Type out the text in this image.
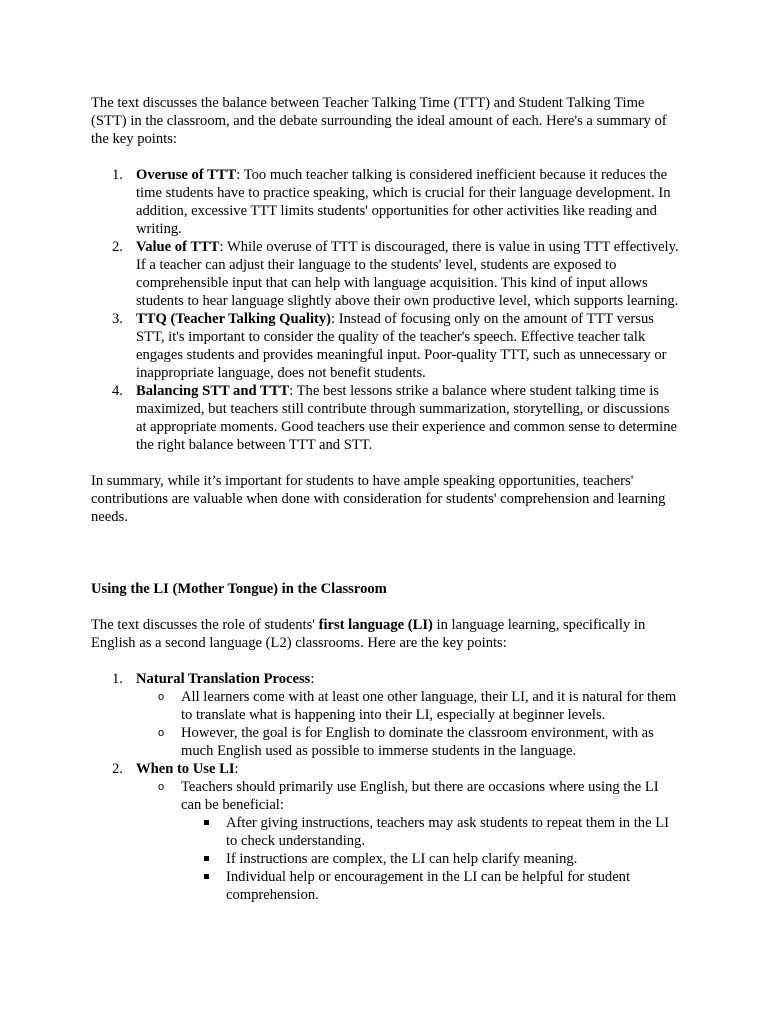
The text discusses the balance between Teacher Talking Time (TTT) and Student Talking Time (STT) in the classroom, and the debate surrounding the ideal amount of each. Here's a summary of the key points:

1. Overuse of TTT: Too much teacher talking is considered inefficient because it reduces the time students have to practice speaking, which is crucial for their language development. In addition, excessive TTT limits students' opportunities for other activities like reading and writing.
2. Value of TTT: While overuse of TTT is discouraged, there is value in using TTT effectively. If a teacher can adjust their language to the students' level, students are exposed to comprehensible input that can help with language acquisition. This kind of input allows students to hear language slightly above their own productive level, which supports learning.
3. TTQ (Teacher Talking Quality): Instead of focusing only on the amount of TTT versus STT, it's important to consider the quality of the teacher's speech. Effective teacher talk engages students and provides meaningful input. Poor-quality TTT, such as unnecessary or inappropriate language, does not benefit students.
4. Balancing STT and TTT: The best lessons strike a balance where student talking time is maximized, but teachers still contribute through summarization, storytelling, or discussions at appropriate moments. Good teachers use their experience and common sense to determine the right balance between TTT and STT.

In summary, while it’s important for students to have ample speaking opportunities, teachers' contributions are valuable when done with consideration for students' comprehension and learning needs.

Using the LI (Mother Tongue) in the Classroom

The text discusses the role of students' first language (LI) in language learning, specifically in English as a second language (L2) classrooms. Here are the key points:

1. Natural Translation Process:
o All learners come with at least one other language, their LI, and it is natural for them to translate what is happening into their LI, especially at beginner levels.
o However, the goal is for English to dominate the classroom environment, with as much English used as possible to immerse students in the language.
2. When to Use LI:
o Teachers should primarily use English, but there are occasions where using the LI can be beneficial:
After giving instructions, teachers may ask students to repeat them in the LI to check understanding.
If instructions are complex, the LI can help clarify meaning.
Individual help or encouragement in the LI can be helpful for student comprehension.
